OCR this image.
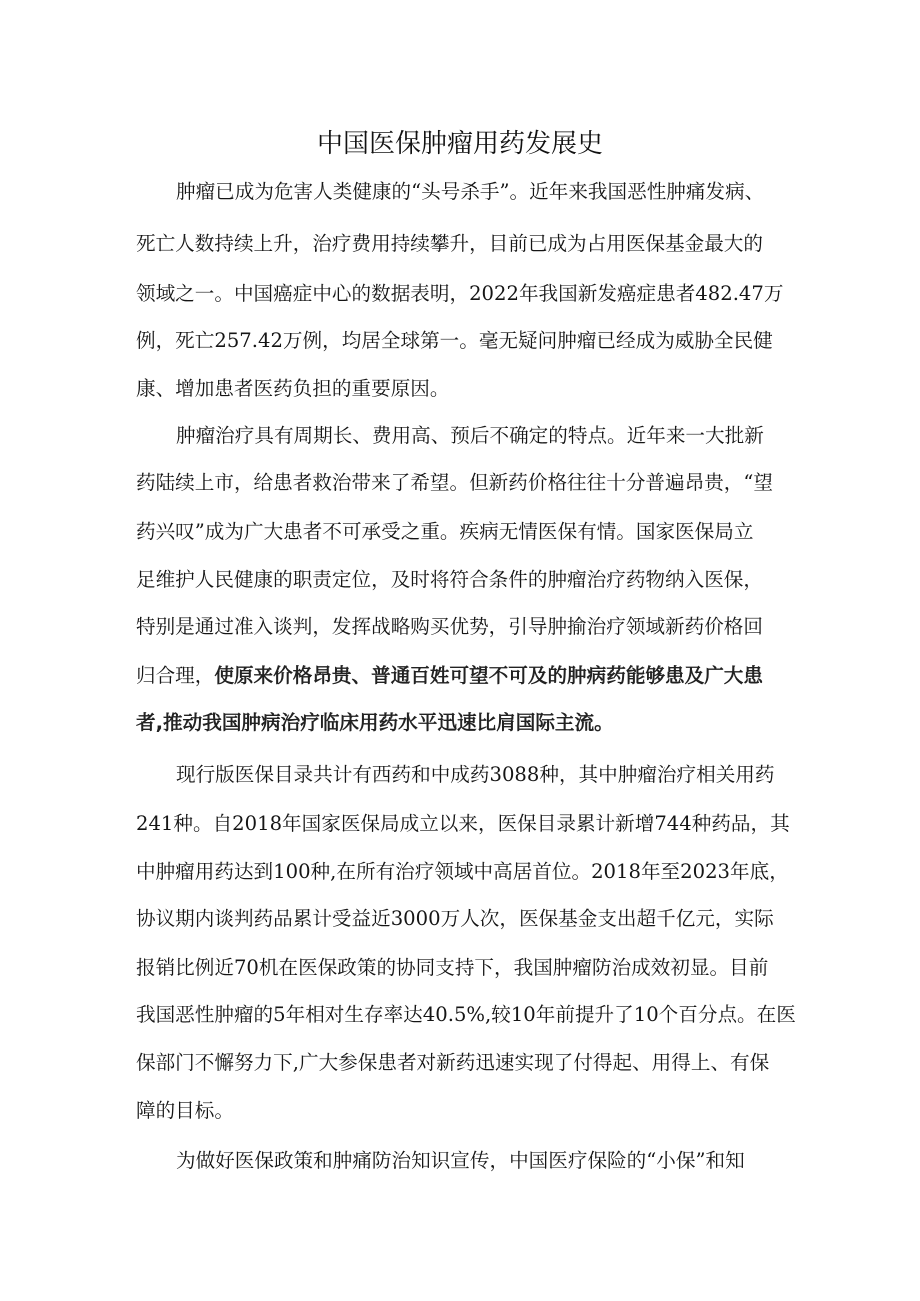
中国医保肿瘤用药发展史

肿瘤已成为危害人类健康的“头号杀手”。近年来我国恶性肿痛发病、

死亡人数持续上升，治疗费用持续攀升，目前已成为占用医保基金最大的

领域之一。中国癌症中心的数据表明，2022年我国新发癌症患者482.47万

例，死亡257.42万例，均居全球第一。毫无疑问肿瘤已经成为威胁全民健

康、增加患者医药负担的重要原因。

肿瘤治疗具有周期长、费用高、预后不确定的特点。近年来一大批新

药陆续上市，给患者救治带来了希望。但新药价格往往十分普遍昂贵，“望

药兴叹”成为广大患者不可承受之重。疾病无情医保有情。国家医保局立

足维护人民健康的职责定位，及时将符合条件的肿瘤治疗药物纳入医保，

特别是通过准入谈判，发挥战略购买优势，引导肿揄治疗领域新药价格回

归合理，使原来价格昂贵、普通百姓可望不可及的肿病药能够患及广大患

者,推动我国肿病治疗临床用药水平迅速比肩国际主流。

现行版医保目录共计有西药和中成药3088种，其中肿瘤治疗相关用药

241种。自2018年国家医保局成立以来，医保目录累计新增744种药品，其

中肿瘤用药达到100种,在所有治疗领域中高居首位。2018年至2023年底，

协议期内谈判药品累计受益近3000万人次，医保基金支出超千亿元，实际

报销比例近70机在医保政策的协同支持下，我国肿瘤防治成效初显。目前

我国恶性肿瘤的5年相对生存率达40.5%,较10年前提升了10个百分点。在医

保部门不懈努力下,广大参保患者对新药迅速实现了付得起、用得上、有保

障的目标。

为做好医保政策和肿痛防治知识宣传，中国医疗保险的“小保”和知
